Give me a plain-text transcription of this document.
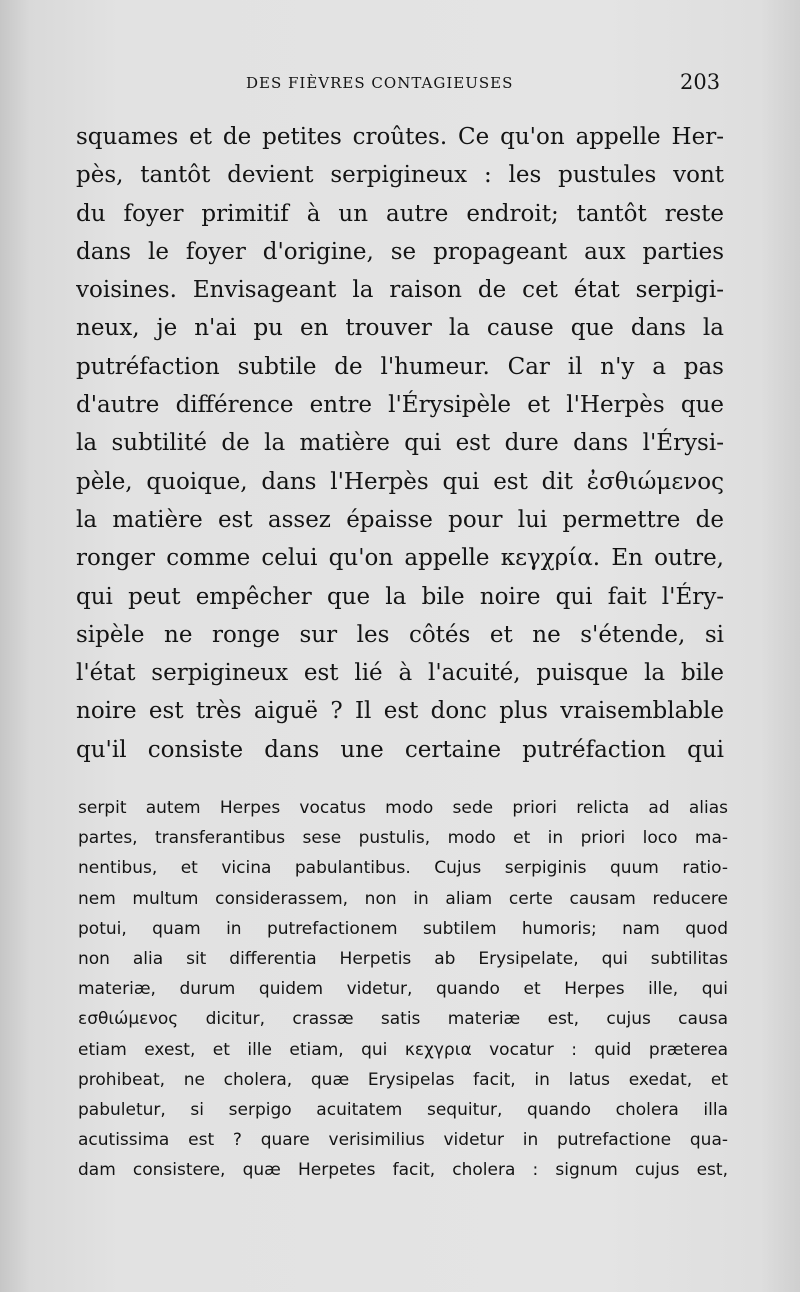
DES FIÈVRES CONTAGIEUSES	203
squames et de petites croûtes. Ce qu'on appelle Her-
pès, tantôt devient serpigineux : les pustules vont
du foyer primitif à un autre endroit; tantôt reste
dans le foyer d'origine, se propageant aux parties
voisines. Envisageant la raison de cet état serpigi-
neux, je n'ai pu en trouver la cause que dans la
putréfaction subtile de l'humeur. Car il n'y a pas
d'autre différence entre l'Érysipèle et l'Herpès que
la subtilité de la matière qui est dure dans l'Érysi-
pèle, quoique, dans l'Herpès qui est dit ἐσθιώμενος
la matière est assez épaisse pour lui permettre de
ronger comme celui qu'on appelle κεγχρία. En outre,
qui peut empêcher que la bile noire qui fait l'Éry-
sipèle ne ronge sur les côtés et ne s'étende, si
l'état serpigineux est lié à l'acuité, puisque la bile
noire est très aiguë ? Il est donc plus vraisemblable
qu'il consiste dans une certaine putréfaction qui
serpit autem Herpes vocatus modo sede priori relicta ad alias
partes, transferantibus sese pustulis, modo et in priori loco ma-
nentibus, et vicina pabulantibus. Cujus serpiginis quum ratio-
nem multum considerassem, non in aliam certe causam reducere
potui, quam in putrefactionem subtilem humoris; nam quod
non alia sit differentia Herpetis ab Erysipelate, qui subtilitas
materiæ, durum quidem videtur, quando et Herpes ille, qui
εσθιώμενος dicitur, crassæ satis materiæ est, cujus causa
etiam exest, et ille etiam, qui κεχγρια vocatur : quid præterea
prohibeat, ne cholera, quæ Erysipelas facit, in latus exedat, et
pabuletur, si serpigo acuitatem sequitur, quando cholera illa
acutissima est ? quare verisimilius videtur in putrefactione qua-
dam consistere, quæ Herpetes facit, cholera : signum cujus est,
